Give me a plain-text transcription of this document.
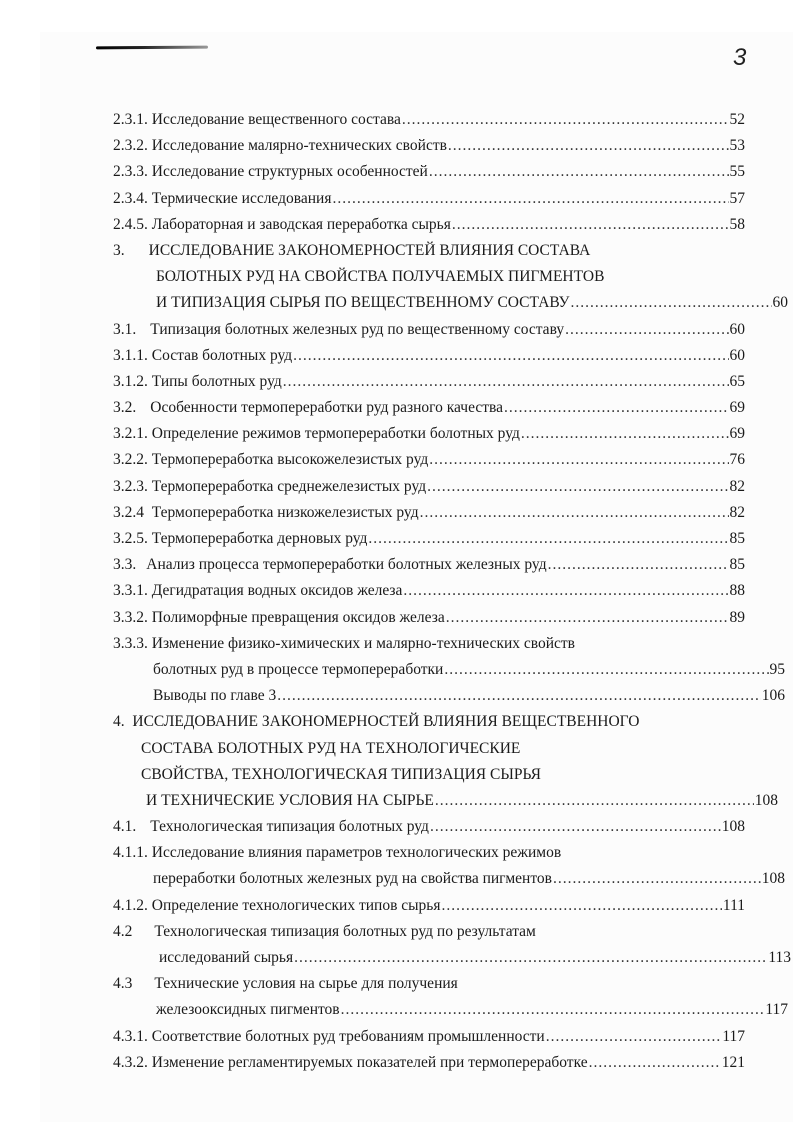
3
2.3.1. Исследование вещественного состава .....	52
2.3.2. Исследование малярно-технических свойств .....	53
2.3.3. Исследование структурных особенностей .....	55
2.3.4. Термические исследования .....	57
2.4.5. Лабораторная и заводская переработка сырья .....	58
3. ИССЛЕДОВАНИЕ ЗАКОНОМЕРНОСТЕЙ ВЛИЯНИЯ СОСТАВА
БОЛОТНЫХ РУД НА СВОЙСТВА ПОЛУЧАЕМЫХ ПИГМЕНТОВ
И ТИПИЗАЦИЯ СЫРЬЯ ПО ВЕЩЕСТВЕННОМУ СОСТАВУ .....	60
3.1. Типизация болотных железных руд по вещественному составу .....	60
3.1.1. Состав болотных руд .....	60
3.1.2. Типы болотных руд .....	65
3.2. Особенности термопереработки руд разного качества .....	69
3.2.1. Определение режимов термопереработки болотных руд .....	69
3.2.2. Термопереработка высокожелезистых руд .....	76
3.2.3. Термопереработка среднежелезистых руд .....	82
3.2.4 Термопереработка низкожелезистых руд .....	82
3.2.5. Термопереработка дерновых руд .....	85
3.3. Анализ процесса термопереработки болотных железных руд .....	85
3.3.1. Дегидратация водных оксидов железа .....	88
3.3.2. Полиморфные превращения оксидов железа .....	89
3.3.3. Изменение физико-химических и малярно-технических свойств
болотных руд в процессе термопереработки .....	95
Выводы по главе 3 .....	106
4. ИССЛЕДОВАНИЕ ЗАКОНОМЕРНОСТЕЙ ВЛИЯНИЯ ВЕЩЕСТВЕННОГО
СОСТАВА БОЛОТНЫХ РУД НА ТЕХНОЛОГИЧЕСКИЕ
СВОЙСТВА, ТЕХНОЛОГИЧЕСКАЯ ТИПИЗАЦИЯ СЫРЬЯ
И ТЕХНИЧЕСКИЕ УСЛОВИЯ НА СЫРЬЕ .....	108
4.1. Технологическая типизация болотных руд .....	108
4.1.1. Исследование влияния параметров технологических режимов
переработки болотных железных руд на свойства пигментов .....	108
4.1.2. Определение технологических типов сырья .....	111
4.2 Технологическая типизация болотных руд по результатам
исследований сырья .....	113
4.3 Технические условия на сырье для получения
железооксидных пигментов .....	117
4.3.1. Соответствие болотных руд требованиям промышленности .....	117
4.3.2. Изменение регламентируемых показателей при термопереработке .....	121
